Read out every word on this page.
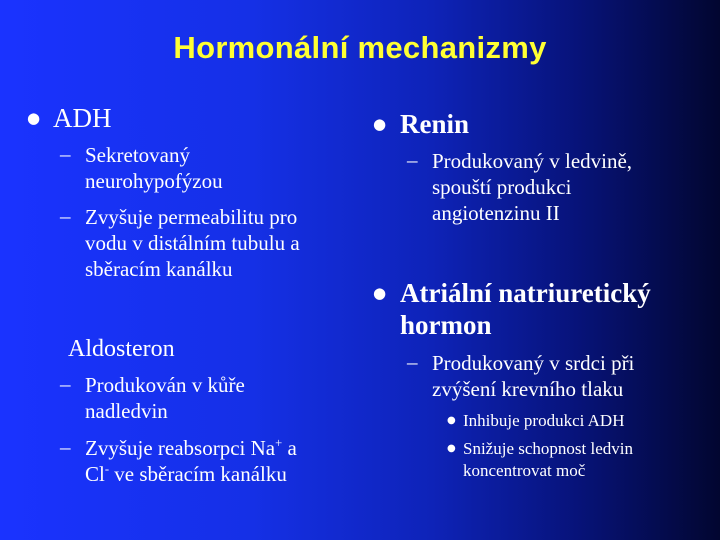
Hormonální mechanizmy
● ADH
– Sekretovaný
neurohypofýzou
– Zvyšuje permeabilitu pro
vodu v distálním tubulu a
sběracím kanálku
Aldosteron
– Produkován v kůře
nadledvin
– Zvyšuje reabsorpci Na+ a
Cl- ve sběracím kanálku
● Renin
– Produkovaný v ledvině,
spouští produkci
angiotenzinu II
● Atriální natriuretický
hormon
– Produkovaný v srdci při
zvýšení krevního tlaku
● Inhibuje produkci ADH
● Snižuje schopnost ledvin
koncentrovat moč
